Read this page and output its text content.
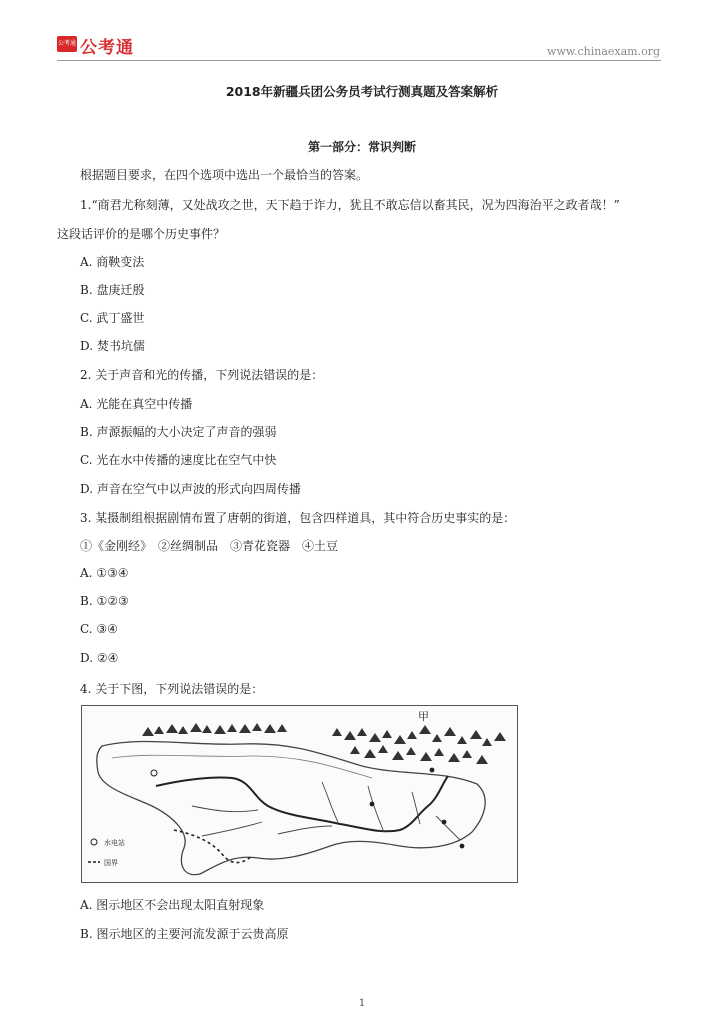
公考通 公考通	www.chinaexam.org
2018年新疆兵团公务员考试行测真题及答案解析
第一部分：常识判断
根据题目要求，在四个选项中选出一个最恰当的答案。
1.“商君尤称刻薄，又处战攻之世，天下趋于诈力，犹且不敢忘信以畜其民，况为四海治平之政者哉！”
这段话评价的是哪个历史事件？
A. 商鞅变法
B. 盘庚迁殷
C. 武丁盛世
D. 焚书坑儒
2. 关于声音和光的传播，下列说法错误的是：
A. 光能在真空中传播
B. 声源振幅的大小决定了声音的强弱
C. 光在水中传播的速度比在空气中快
D. 声音在空气中以声波的形式向四周传播
3. 某摄制组根据剧情布置了唐朝的街道，包含四样道具，其中符合历史事实的是：
①《金刚经》　②丝绸制品　③青花瓷器　④土豆
A. ①③④
B. ①②③
C. ③④
D. ②④
4. 关于下图，下列说法错误的是：
甲
水电站
国界
A. 图示地区不会出现太阳直射现象
B. 图示地区的主要河流发源于云贵高原
1
